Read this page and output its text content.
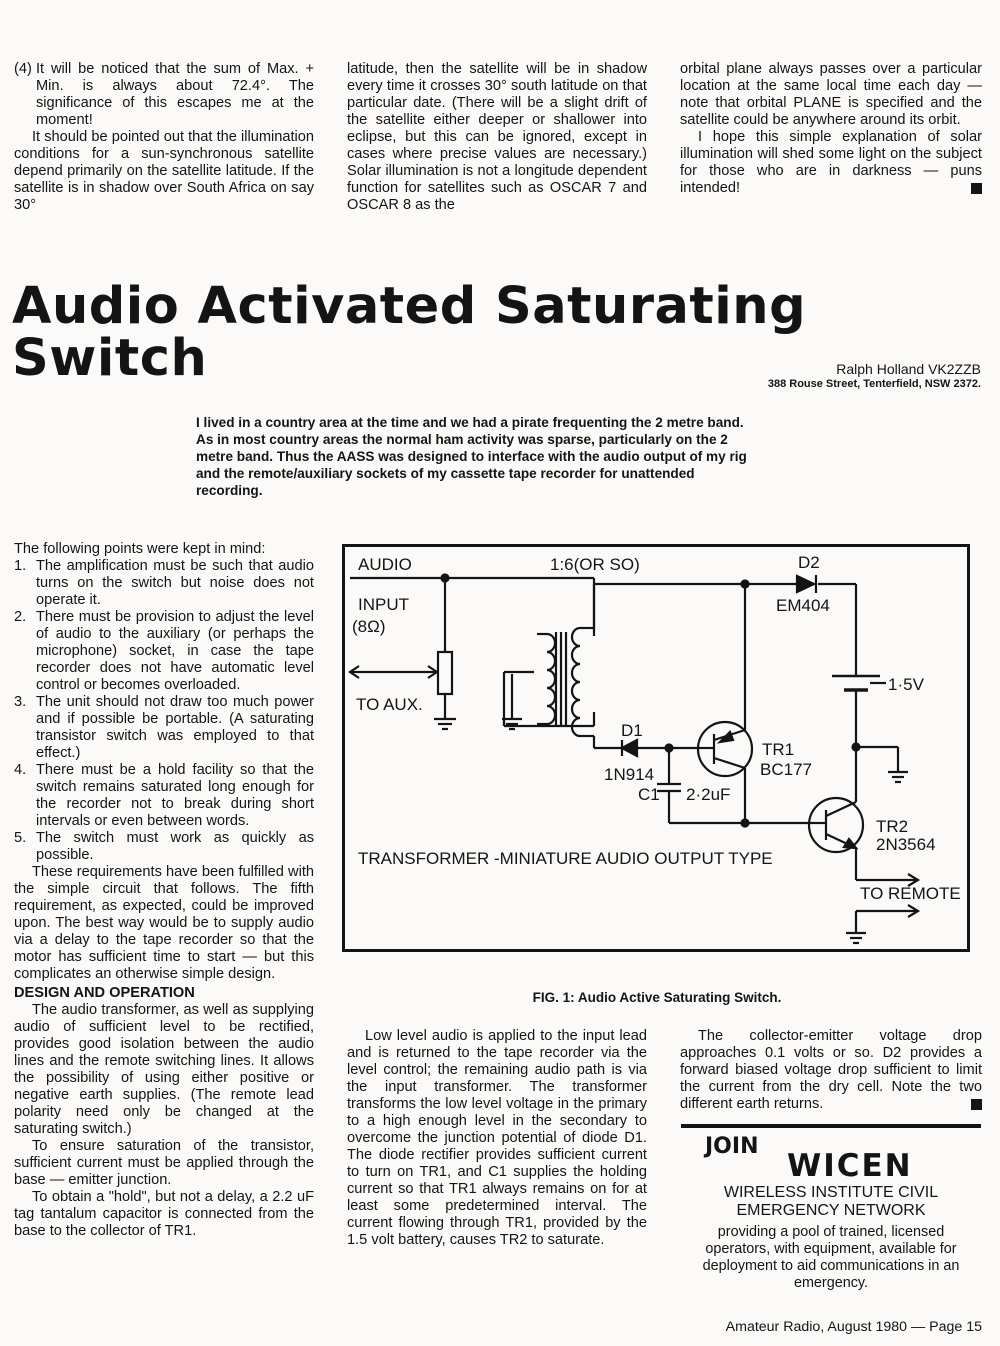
(4) It will be noticed that the sum of Max. + Min. is always about 72.4°. The significance of this escapes me at the moment!

It should be pointed out that the illumination conditions for a sun-synchronous satellite depend primarily on the satellite latitude. If the satellite is in shadow over South Africa on say 30°

latitude, then the satellite will be in shadow every time it crosses 30° south latitude on that particular date. (There will be a slight drift of the satellite either deeper or shallower into eclipse, but this can be ignored, except in cases where precise values are necessary.) Solar illumination is not a longitude dependent function for satellites such as OSCAR 7 and OSCAR 8 as the

orbital plane always passes over a particular location at the same local time each day — note that orbital PLANE is specified and the satellite could be anywhere around its orbit.

I hope this simple explanation of solar illumination will shed some light on the subject for those who are in darkness — puns intended!

Audio Activated Saturating Switch	Ralph Holland VK2ZZB
388 Rouse Street, Tenterfield, NSW 2372.
I lived in a country area at the time and we had a pirate frequenting the 2 metre band. As in most country areas the normal ham activity was sparse, particularly on the 2 metre band. Thus the AASS was designed to interface with the audio output of my rig and the remote/auxiliary sockets of my cassette tape recorder for unattended recording.

The following points were kept in mind:

1. The amplification must be such that audio turns on the switch but noise does not operate it.
2. There must be provision to adjust the level of audio to the auxiliary (or perhaps the microphone) socket, in case the tape recorder does not have automatic level control or becomes overloaded.
3. The unit should not draw too much power and if possible be portable. (A saturating transistor switch was employed to that effect.)
4. There must be a hold facility so that the switch remains saturated long enough for the recorder not to break during short intervals or even between words.
5. The switch must work as quickly as possible.

These requirements have been fulfilled with the simple circuit that follows. The fifth requirement, as expected, could be improved upon. The best way would be to supply audio via a delay to the tape recorder so that the motor has sufficient time to start — but this complicates an otherwise simple design.

DESIGN AND OPERATION

The audio transformer, as well as supplying audio of sufficient level to be rectified, provides good isolation between the audio lines and the remote switching lines. It allows the possibility of using either positive or negative earth supplies. (The remote lead polarity need only be changed at the saturating switch.)

To ensure saturation of the transistor, sufficient current must be applied through the base — emitter junction.

To obtain a "hold", but not a delay, a 2.2 uF tag tantalum capacitor is connected from the base to the collector of TR1.

AUDIO
INPUT
(8Ω)
TO AUX.
1:6(OR SO)	D2
EM404
1·5V
D1
1N914
TR1
BC177
C1 2·2uF
TR2
2N3564
TRANSFORMER -MINIATURE AUDIO OUTPUT TYPE
TO REMOTE
FIG. 1: Audio Active Saturating Switch.

Low level audio is applied to the input lead and is returned to the tape recorder via the level control; the remaining audio path is via the input transformer. The transformer transforms the low level voltage in the primary to a high enough level in the secondary to overcome the junction potential of diode D1. The diode rectifier provides sufficient current to turn on TR1, and C1 supplies the holding current so that TR1 always remains on for at least some predetermined interval. The current flowing through TR1, provided by the 1.5 volt battery, causes TR2 to saturate.

The collector-emitter voltage drop approaches 0.1 volts or so. D2 provides a forward biased voltage drop sufficient to limit the current from the dry cell. Note the two different earth returns.

JOIN
WICEN
WIRELESS INSTITUTE CIVIL EMERGENCY NETWORK
providing a pool of trained, licensed operators, with equipment, available for deployment to aid communications in an emergency.
Amateur Radio, August 1980 — Page 15
